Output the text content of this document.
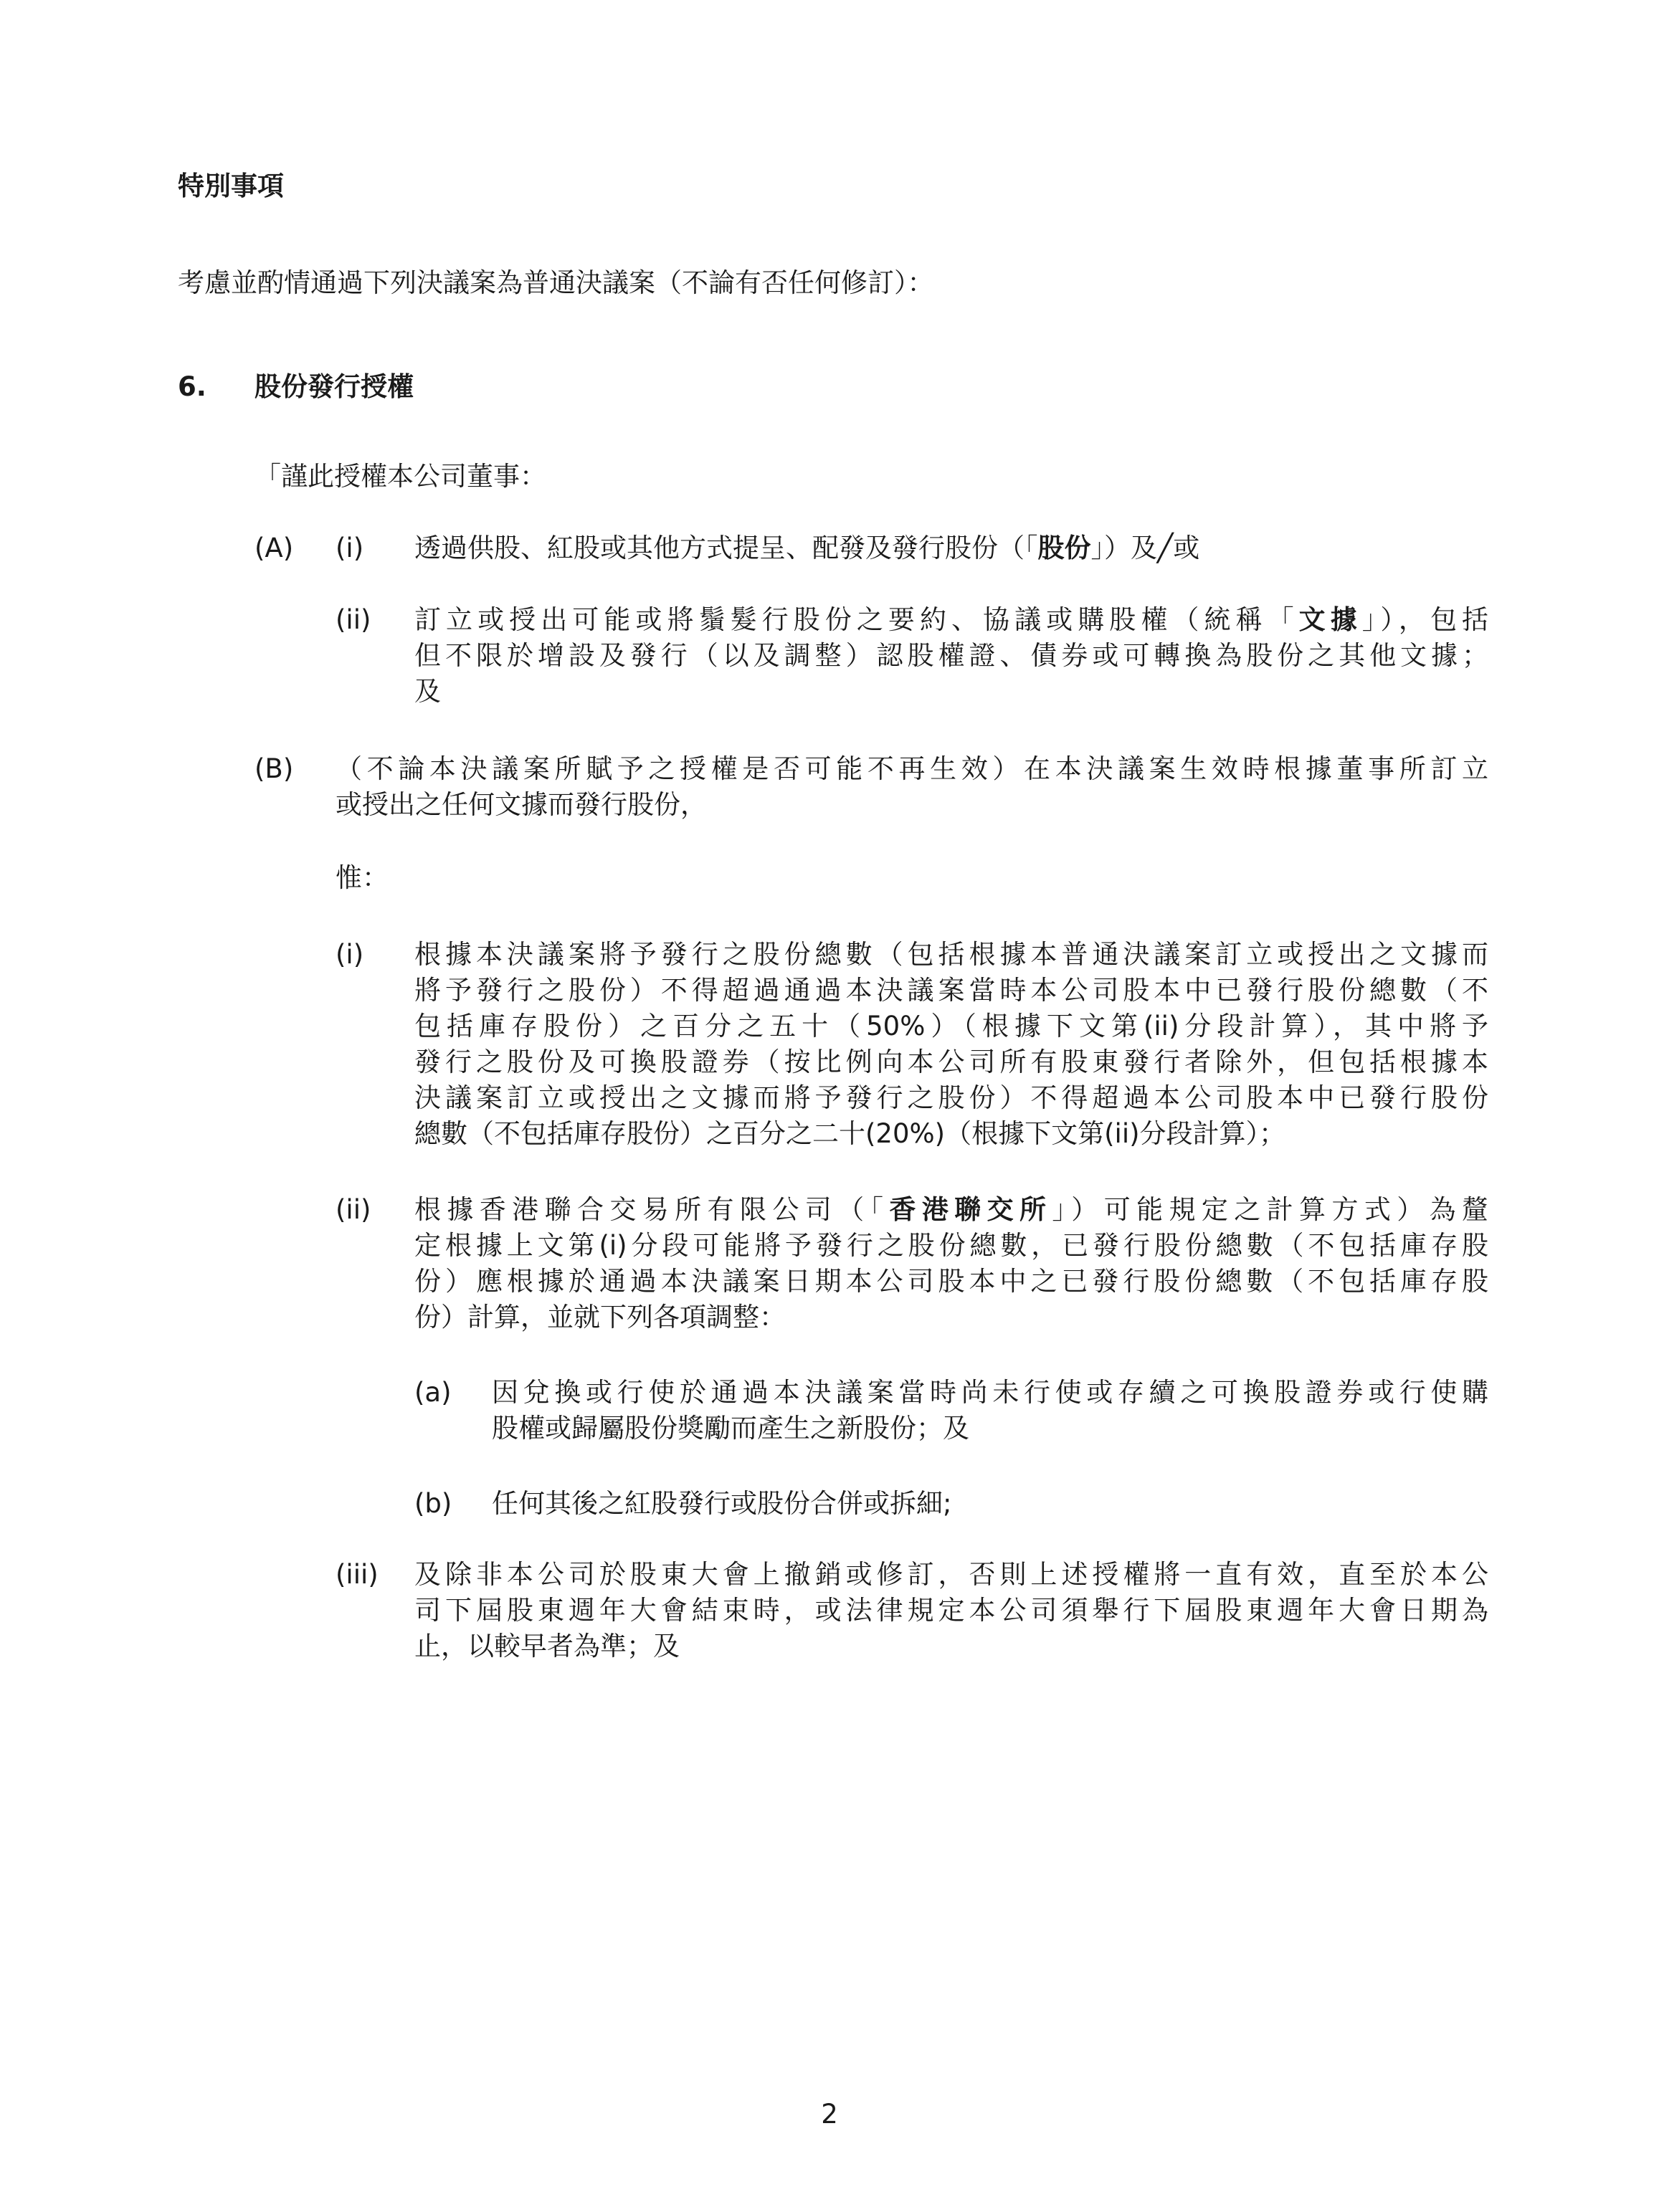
特別事項

考慮並酌情通過下列決議案為普通決議案（不論有否任何修訂）：

6. 股份發行授權

「謹此授權本公司董事：

(A) (i) 透過供股、紅股或其他方式提呈、配發及發行股份（「股份」）及╱或

(ii) 訂立或授出可能或將鬚髮行股份之要約、協議或購股權（統稱「文據」），包括
但不限於增設及發行（以及調整）認股權證、債券或可轉換為股份之其他文據；
及
(B) （不論本決議案所賦予之授權是否可能不再生效）在本決議案生效時根據董事所訂立
或授出之任何文據而發行股份，

惟：

(i) 根據本決議案將予發行之股份總數（包括根據本普通決議案訂立或授出之文據而
將予發行之股份）不得超過通過本決議案當時本公司股本中已發行股份總數（不
包括庫存股份）之百分之五十（50%）（根據下文第(ii)分段計算），其中將予
發行之股份及可換股證券（按比例向本公司所有股東發行者除外，但包括根據本
決議案訂立或授出之文據而將予發行之股份）不得超過本公司股本中已發行股份
總數（不包括庫存股份）之百分之二十(20%)（根據下文第(ii)分段計算）；
(ii) 根據香港聯合交易所有限公司（「香港聯交所」）可能規定之計算方式）為釐
定根據上文第(i)分段可能將予發行之股份總數，已發行股份總數（不包括庫存股
份）應根據於通過本決議案日期本公司股本中之已發行股份總數（不包括庫存股
份）計算，並就下列各項調整：
(a) 因兌換或行使於通過本決議案當時尚未行使或存續之可換股證券或行使購
股權或歸屬股份獎勵而產生之新股份；及
(b) 任何其後之紅股發行或股份合併或拆細;

(iii) 及除非本公司於股東大會上撤銷或修訂，否則上述授權將一直有效，直至於本公
司下屆股東週年大會結束時，或法律規定本公司須舉行下屆股東週年大會日期為
止，以較早者為準；及
2
